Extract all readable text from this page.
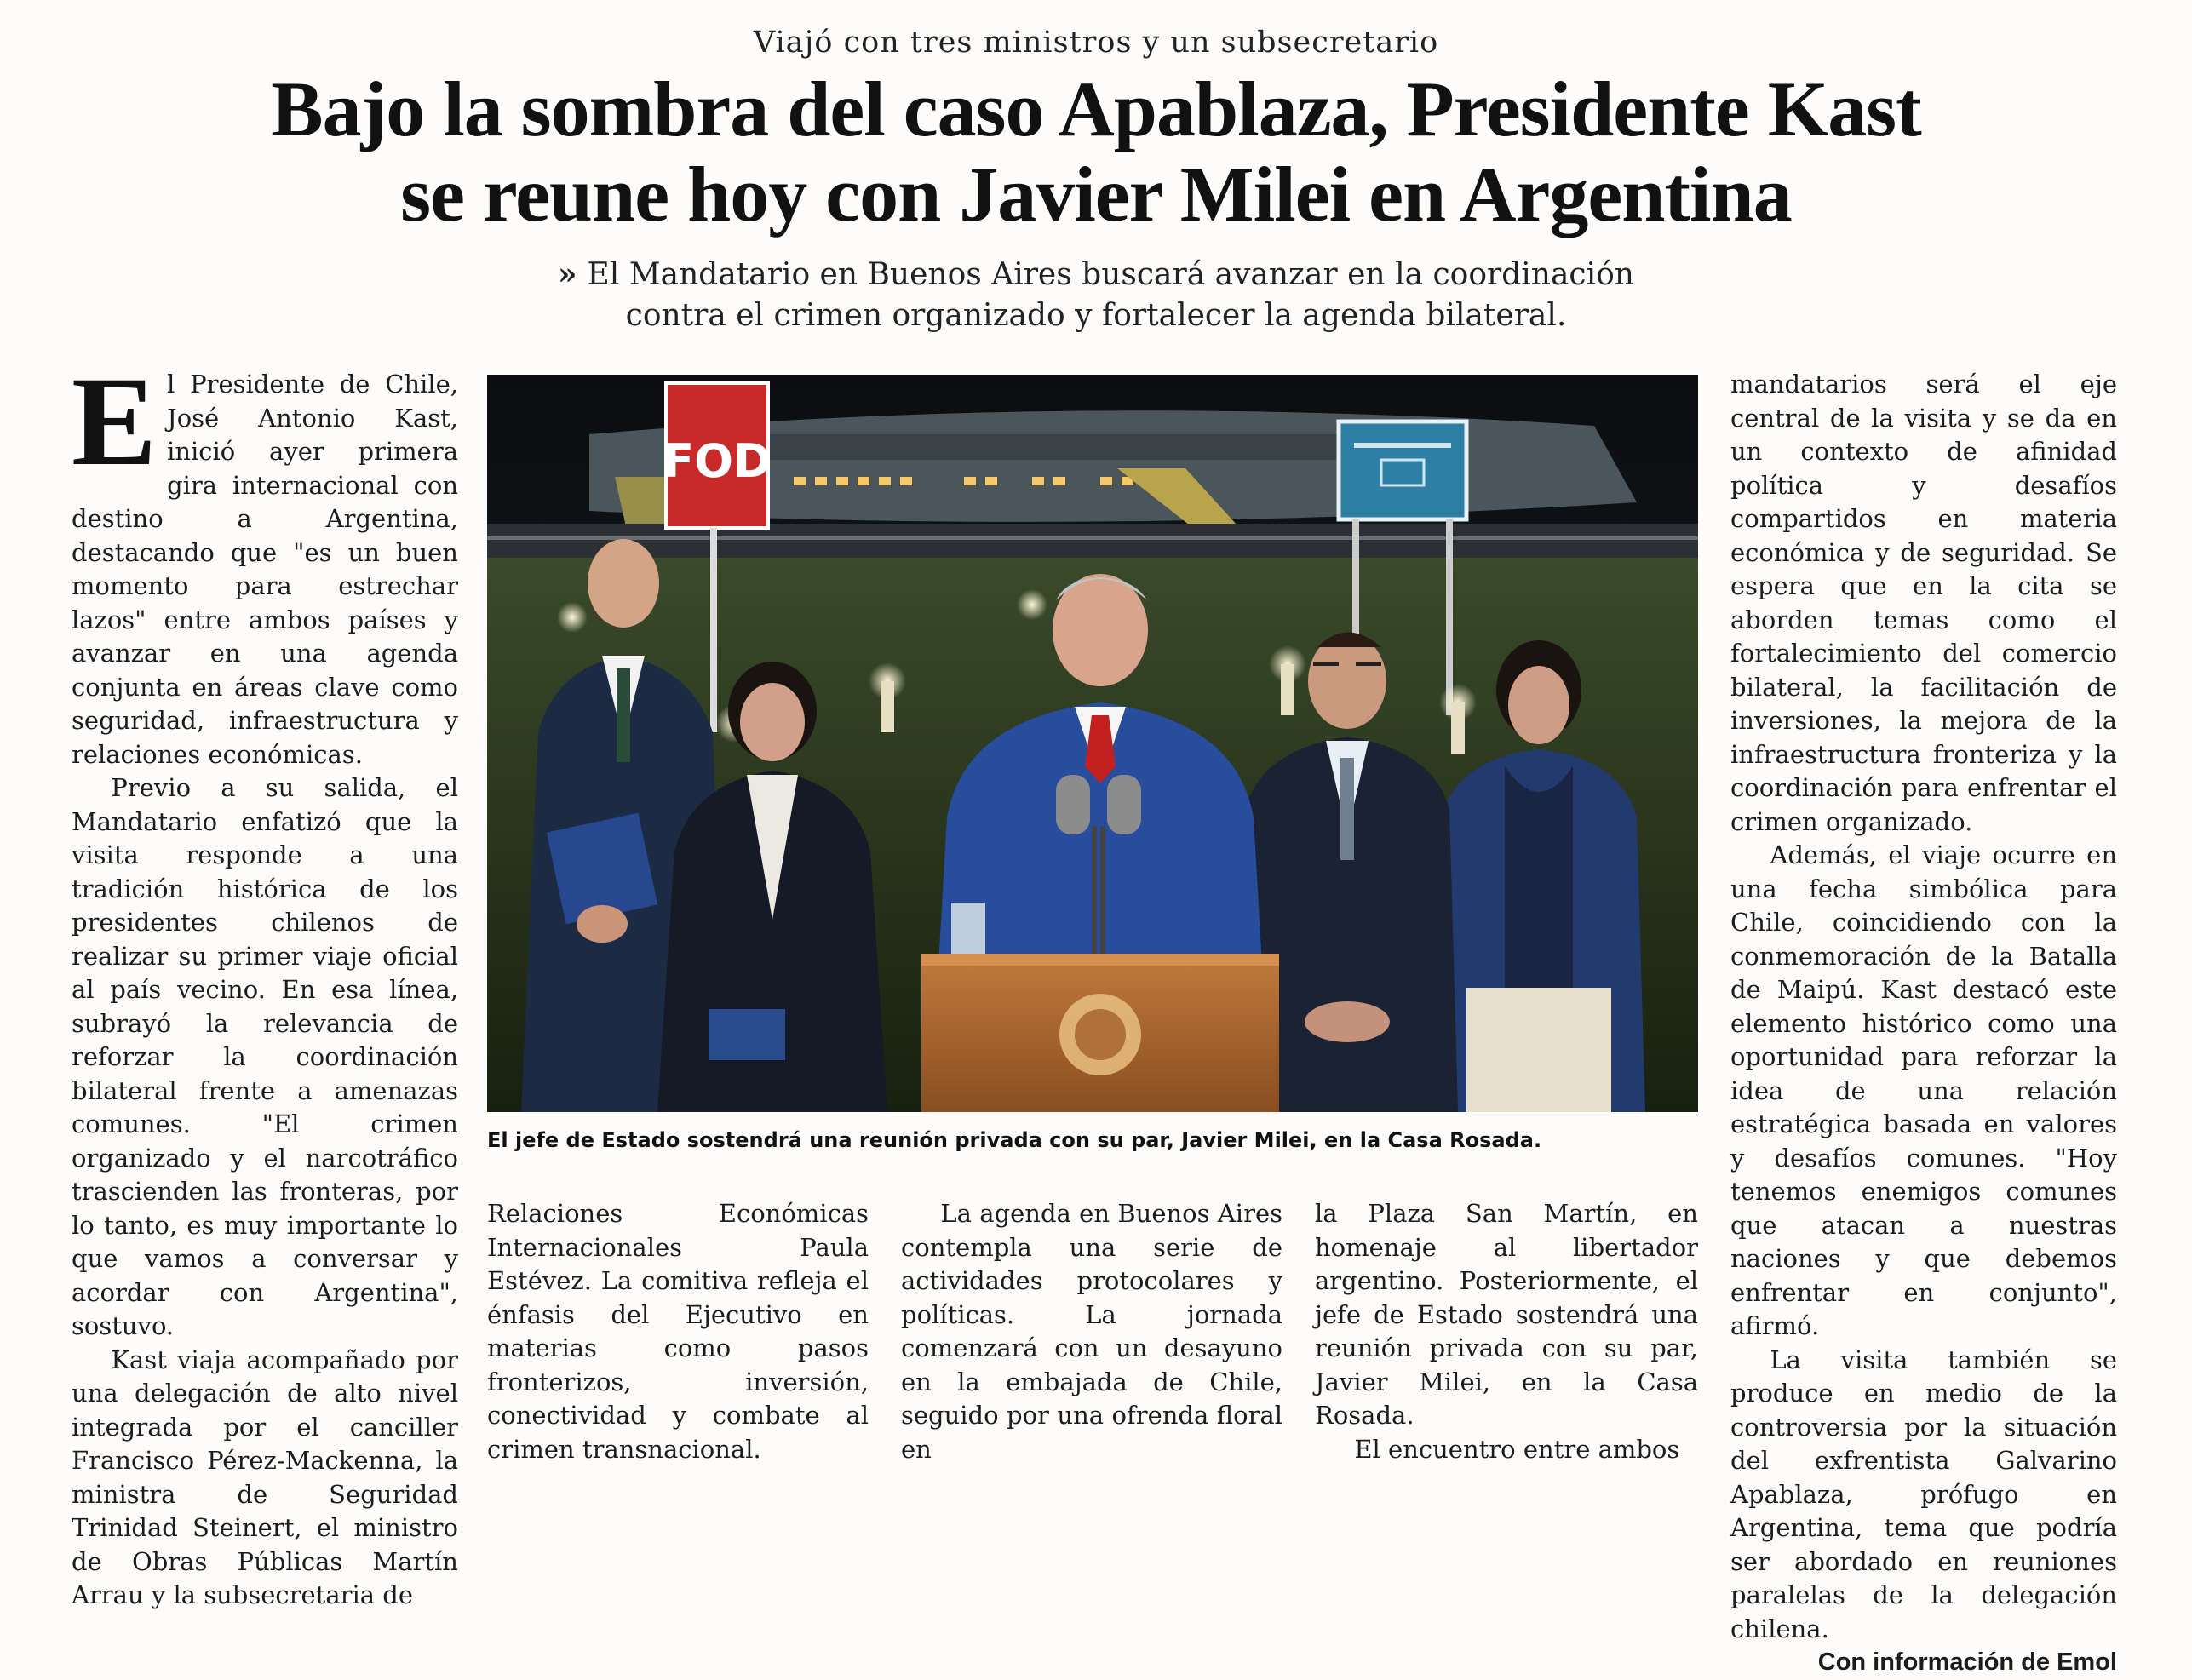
Viajó con tres ministros y un subsecretario
Bajo la sombra del caso Apablaza, Presidente Kast
se reune hoy con Javier Milei en Argentina
» El Mandatario en Buenos Aires buscará avanzar en la coordinación
contra el crimen organizado y fortalecer la agenda bilateral.

El Presidente de Chile, José Antonio Kast, inició ayer primera gira internacional con destino a Argentina, destacando que "es un buen momento para estrechar lazos" entre ambos países y avanzar en una agenda conjunta en áreas clave como seguridad, infraestructura y relaciones económicas.

Previo a su salida, el Mandatario enfatizó que la visita responde a una tradición histórica de los presidentes chilenos de realizar su primer viaje oficial al país vecino. En esa línea, subrayó la relevancia de reforzar la coordinación bilateral frente a amenazas comunes. "El crimen organizado y el narcotráfico trascienden las fronteras, por lo tanto, es muy importante lo que vamos a conversar y acordar con Argentina", sostuvo.

Kast viaja acompañado por una delegación de alto nivel integrada por el canciller Francisco Pérez-Mackenna, la ministra de Seguridad Trinidad Steinert, el ministro de Obras Públicas Martín Arrau y la subsecretaria de

FOD
El jefe de Estado sostendrá una reunión privada con su par, Javier Milei, en la Casa Rosada.

Relaciones Económicas Internacionales Paula Estévez. La comitiva refleja el énfasis del Ejecutivo en materias como pasos fronterizos, inversión, conectividad y combate al crimen transnacional.

La agenda en Buenos Aires contempla una serie de actividades protocolares y políticas. La jornada comenzará con un desayuno en la embajada de Chile, seguido por una ofrenda floral en

la Plaza San Martín, en homenaje al libertador argentino. Posteriormente, el jefe de Estado sostendrá una reunión privada con su par, Javier Milei, en la Casa Rosada.

El encuentro entre ambos

mandatarios será el eje central de la visita y se da en un contexto de afinidad política y desafíos compartidos en materia económica y de seguridad. Se espera que en la cita se aborden temas como el fortalecimiento del comercio bilateral, la facilitación de inversiones, la mejora de la infraestructura fronteriza y la coordinación para enfrentar el crimen organizado.

Además, el viaje ocurre en una fecha simbólica para Chile, coincidiendo con la conmemoración de la Batalla de Maipú. Kast destacó este elemento histórico como una oportunidad para reforzar la idea de una relación estratégica basada en valores y desafíos comunes. "Hoy tenemos enemigos comunes que atacan a nuestras naciones y que debemos enfrentar en conjunto", afirmó.

La visita también se produce en medio de la controversia por la situación del exfrentista Galvarino Apablaza, prófugo en Argentina, tema que podría ser abordado en reuniones paralelas de la delegación chilena.

Con información de Emol
